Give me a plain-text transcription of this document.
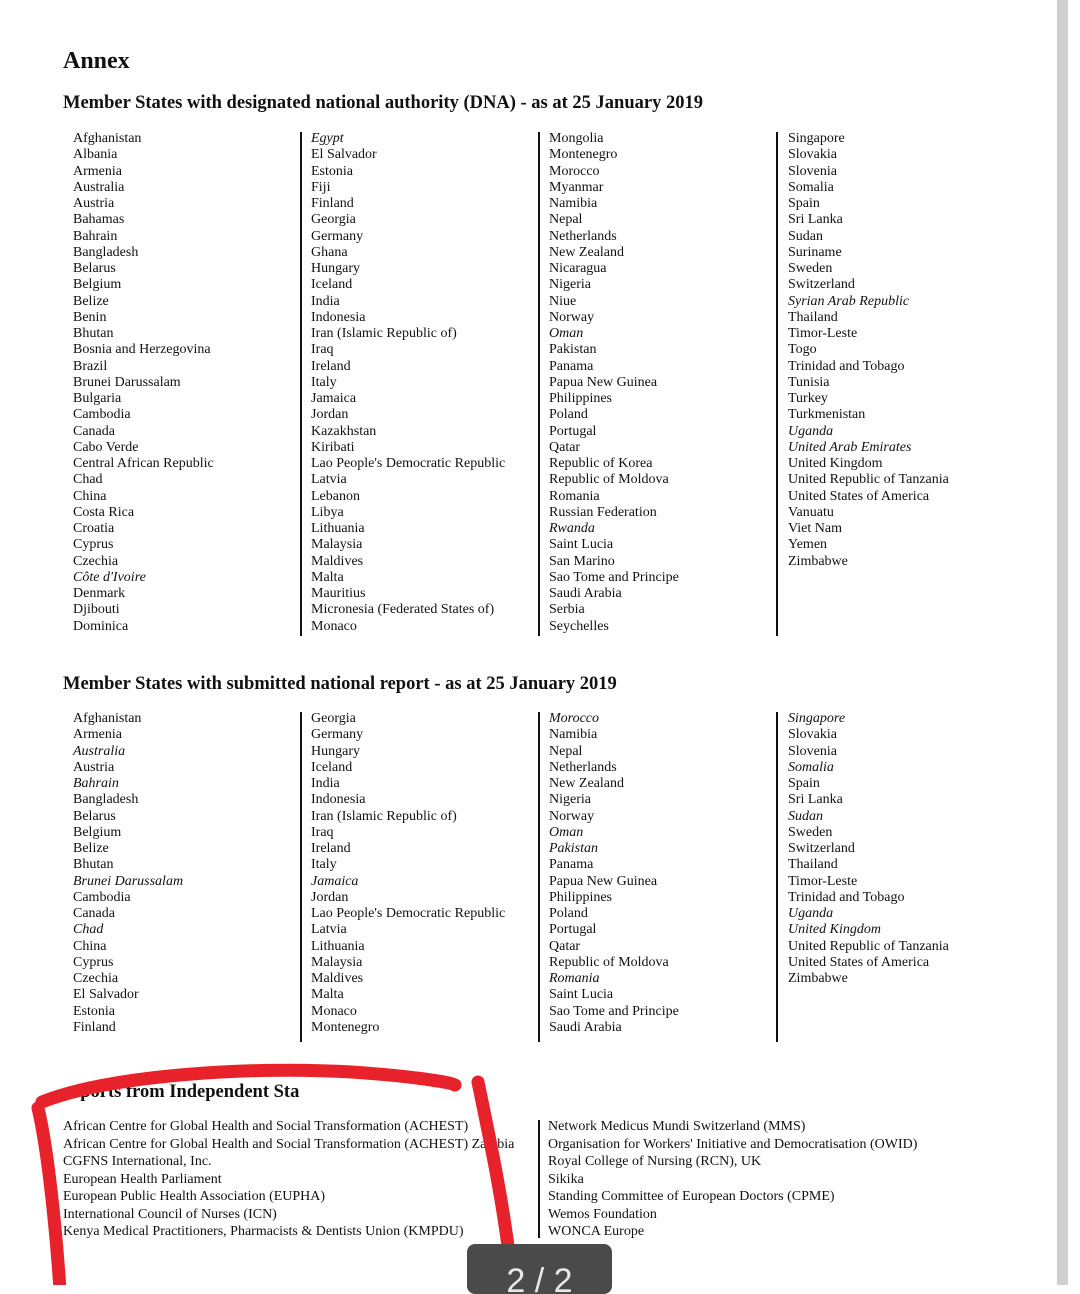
Annex
Member States with designated national authority (DNA) - as at 25 January 2019
Afghanistan
Albania
Armenia
Australia
Austria
Bahamas
Bahrain
Bangladesh
Belarus
Belgium
Belize
Benin
Bhutan
Bosnia and Herzegovina
Brazil
Brunei Darussalam
Bulgaria
Cambodia
Canada
Cabo Verde
Central African Republic
Chad
China
Costa Rica
Croatia
Cyprus
Czechia
Côte d'Ivoire
Denmark
Djibouti
Dominica
Egypt
El Salvador
Estonia
Fiji
Finland
Georgia
Germany
Ghana
Hungary
Iceland
India
Indonesia
Iran (Islamic Republic of)
Iraq
Ireland
Italy
Jamaica
Jordan
Kazakhstan
Kiribati
Lao People's Democratic Republic
Latvia
Lebanon
Libya
Lithuania
Malaysia
Maldives
Malta
Mauritius
Micronesia (Federated States of)
Monaco
Mongolia
Montenegro
Morocco
Myanmar
Namibia
Nepal
Netherlands
New Zealand
Nicaragua
Nigeria
Niue
Norway
Oman
Pakistan
Panama
Papua New Guinea
Philippines
Poland
Portugal
Qatar
Republic of Korea
Republic of Moldova
Romania
Russian Federation
Rwanda
Saint Lucia
San Marino
Sao Tome and Principe
Saudi Arabia
Serbia
Seychelles
Singapore
Slovakia
Slovenia
Somalia
Spain
Sri Lanka
Sudan
Suriname
Sweden
Switzerland
Syrian Arab Republic
Thailand
Timor-Leste
Togo
Trinidad and Tobago
Tunisia
Turkey
Turkmenistan
Uganda
United Arab Emirates
United Kingdom
United Republic of Tanzania
United States of America
Vanuatu
Viet Nam
Yemen
Zimbabwe
Member States with submitted national report - as at 25 January 2019
Afghanistan
Armenia
Australia
Austria
Bahrain
Bangladesh
Belarus
Belgium
Belize
Bhutan
Brunei Darussalam
Cambodia
Canada
Chad
China
Cyprus
Czechia
El Salvador
Estonia
Finland
Georgia
Germany
Hungary
Iceland
India
Indonesia
Iran (Islamic Republic of)
Iraq
Ireland
Italy
Jamaica
Jordan
Lao People's Democratic Republic
Latvia
Lithuania
Malaysia
Maldives
Malta
Monaco
Montenegro
Morocco
Namibia
Nepal
Netherlands
New Zealand
Nigeria
Norway
Oman
Pakistan
Panama
Papua New Guinea
Philippines
Poland
Portugal
Qatar
Republic of Moldova
Romania
Saint Lucia
Sao Tome and Principe
Saudi Arabia
Singapore
Slovakia
Slovenia
Somalia
Spain
Sri Lanka
Sudan
Sweden
Switzerland
Thailand
Timor-Leste
Trinidad and Tobago
Uganda
United Kingdom
United Republic of Tanzania
United States of America
Zimbabwe
eports from Independent Sta
African Centre for Global Health and Social Transformation (ACHEST)
African Centre for Global Health and Social Transformation (ACHEST) Zambia
CGFNS International, Inc.
European Health Parliament
European Public Health Association (EUPHA)
International Council of Nurses (ICN)
Kenya Medical Practitioners, Pharmacists & Dentists Union (KMPDU)
Network Medicus Mundi Switzerland (MMS)
Organisation for Workers' Initiative and Democratisation (OWID)
Royal College of Nursing (RCN), UK
Sikika
Standing Committee of European Doctors (CPME)
Wemos Foundation
WONCA Europe
2 / 2
